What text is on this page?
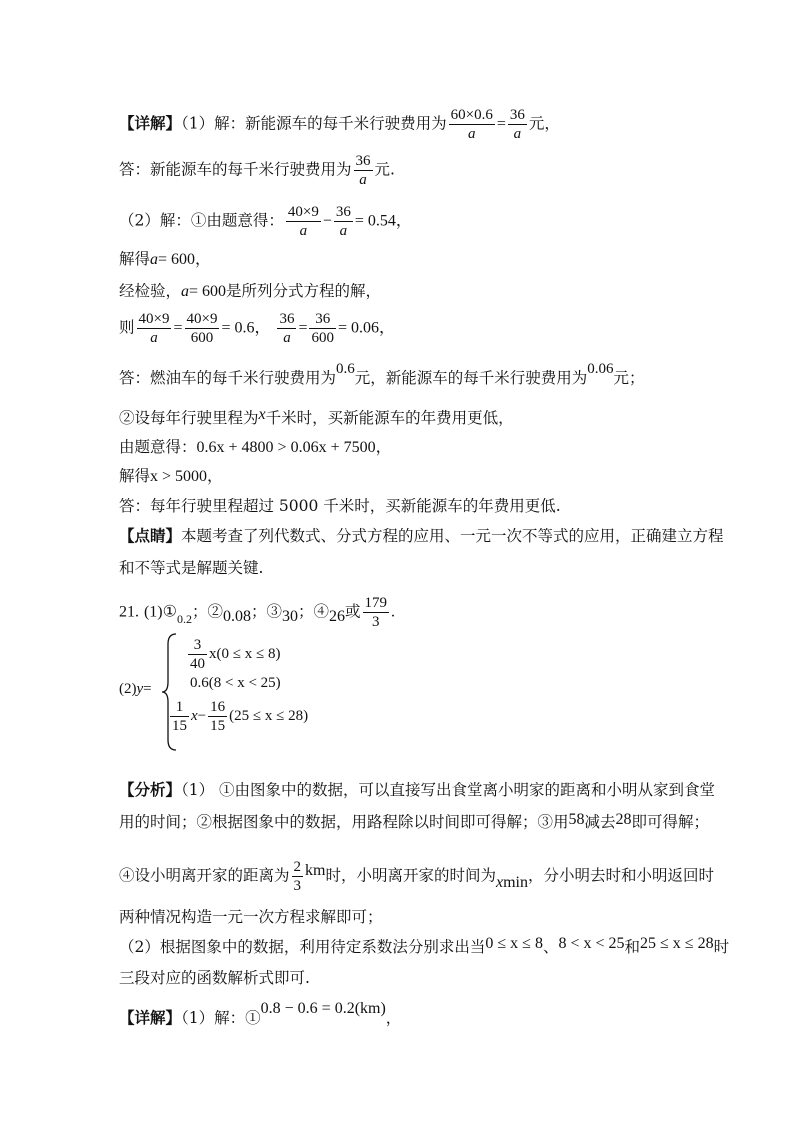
【详解】（1）解：新能源车的每千米行驶费用为 $\frac{60\times 0.6}{a} = \frac{36}{a}$ 元，
答：新能源车的每千米行驶费用为 $\frac{36}{a}$ 元.
（2）解：①由题意得： $\frac{40\times 9}{a} - \frac{36}{a} = 0.54$，
解得a= 600，
经检验，a= 600是所列分式方程的解，
则 $\frac{40\times 9}{a} = \frac{40\times 9}{600} = 0.6$， $\frac{36}{a} = \frac{36}{600} = 0.06$，
答：燃油车的每千米行驶费用为0.6元，新能源车的每千米行驶费用为0.06元；
②设每年行驶里程为x千米时，买新能源车的年费用更低，
由题意得：0.6x + 4800 > 0.06x + 7500，
解得x > 5000，
答：每年行驶里程超过 5000 千米时，买新能源车的年费用更低.
【点睛】本题考查了列代数式、分式方程的应用、一元一次不等式的应用，正确建立方程
和不等式是解题关键.
21. $(1)①_{0.2}$；②0.08；③30；④26或 $\frac{179}{3}$ .
(2)y=
$\frac{3}{40} x(0 \le x \le 8)$
0.6(8 < x < 25)
$\frac{1}{15} x- \frac{16}{15} (25 \le x \le 28)$
【分析】（1） ①由图象中的数据，可以直接写出食堂离小明家的距离和小明从家到食堂
用的时间；②根据图象中的数据，用路程除以时间即可得解；③用58减去28即可得解；
④设小明离开家的距离为 $\frac{2}{3}$ km时，小明离开家的时间为xmin，分小明去时和小明返回时
两种情况构造一元一次方程求解即可；
（2）根据图象中的数据，利用待定系数法分别求出当0 ≤ x ≤ 8、8 < x < 25和25 ≤ x ≤ 28时
三段对应的函数解析式即可.
【详解】（1）解：①0.8 − 0.6 = 0.2(km)，
